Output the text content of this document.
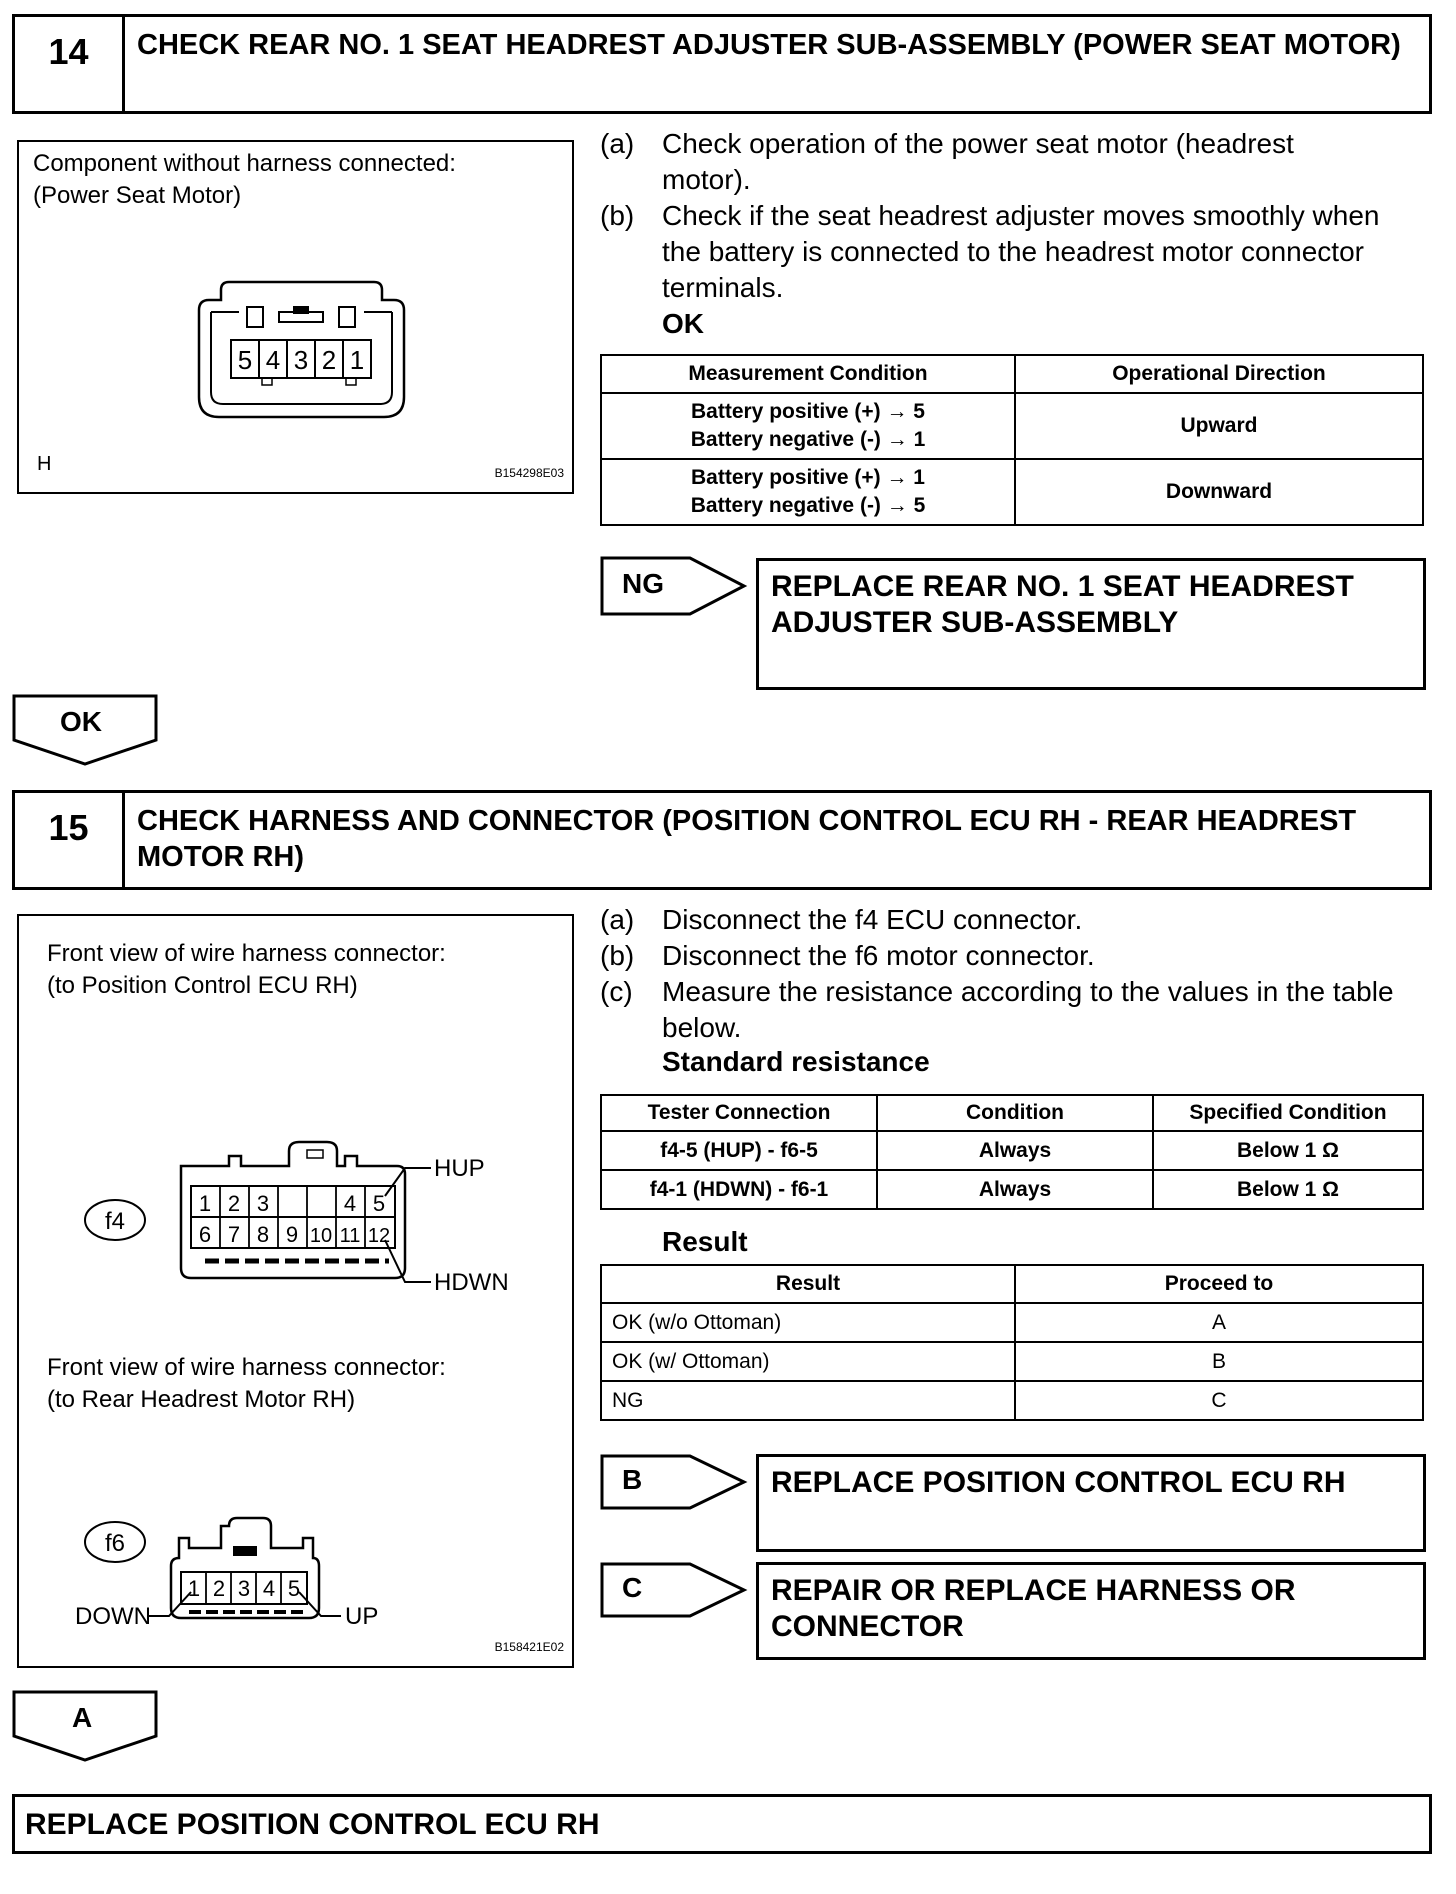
14	CHECK REAR NO. 1 SEAT HEADREST ADJUSTER SUB-ASSEMBLY (POWER SEAT MOTOR)
Component without harness connected:
(Power Seat Motor)
5 4 3 2 1
H	B154298E03
(a) Check operation of the power seat motor (headrest motor).
(b) Check if the seat headrest adjuster moves smoothly when the battery is connected to the headrest motor connector terminals.
OK
Measurement Condition	Operational Direction
Battery positive (+) → 5
Battery negative (-) → 1	Upward
Battery positive (+) → 1
Battery negative (-) → 5	Downward
NG	REPLACE REAR NO. 1 SEAT HEADREST ADJUSTER SUB-ASSEMBLY
OK
15	CHECK HARNESS AND CONNECTOR (POSITION CONTROL ECU RH - REAR HEADREST MOTOR RH)
Front view of wire harness connector:
(to Position Control ECU RH)
f4
1 2 3	4 5
6 7 8 9 10 11 12
HUP
HDWN
Front view of wire harness connector:
(to Rear Headrest Motor RH)
f6
1 2 3 4 5
DOWN	UP
B158421E02
(a) Disconnect the f4 ECU connector.
(b) Disconnect the f6 motor connector.
(c) Measure the resistance according to the values in the table below.
Standard resistance
Tester Connection	Condition	Specified Condition
f4-5 (HUP) - f6-5	Always	Below 1 Ω
f4-1 (HDWN) - f6-1	Always	Below 1 Ω
Result
Result	Proceed to
OK (w/o Ottoman)	A
OK (w/ Ottoman)	B
NG	C
B	REPLACE POSITION CONTROL ECU RH
C	REPAIR OR REPLACE HARNESS OR CONNECTOR
A
REPLACE POSITION CONTROL ECU RH
